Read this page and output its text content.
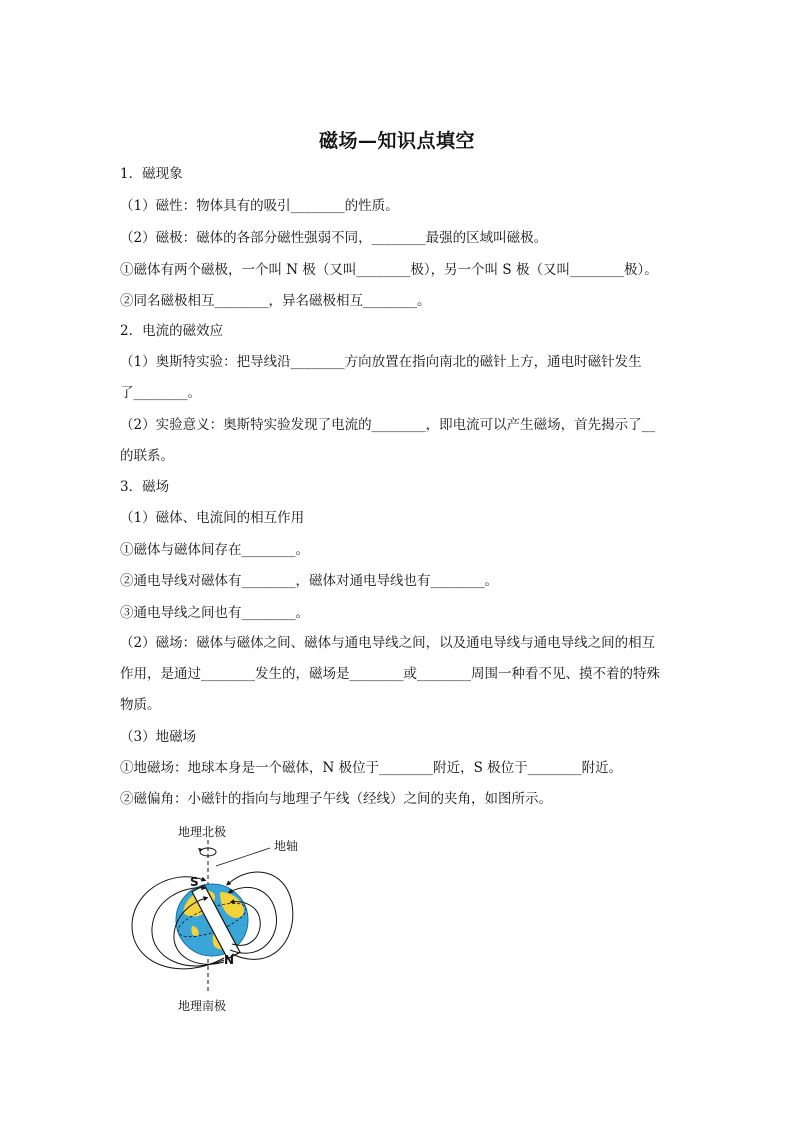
磁场—知识点填空
1．磁现象
（1）磁性：物体具有的吸引________的性质。
（2）磁极：磁体的各部分磁性强弱不同，________最强的区域叫磁极。
①磁体有两个磁极，一个叫 N 极（又叫________极），另一个叫 S 极（又叫________极）。
②同名磁极相互________，异名磁极相互________。
2．电流的磁效应
（1）奥斯特实验：把导线沿________方向放置在指向南北的磁针上方，通电时磁针发生
了________。
（2）实验意义：奥斯特实验发现了电流的________，即电流可以产生磁场，首先揭示了__
的联系。
3．磁场
（1）磁体、电流间的相互作用
①磁体与磁体间存在________。
②通电导线对磁体有________，磁体对通电导线也有________。
③通电导线之间也有________。
（2）磁场：磁体与磁体之间、磁体与通电导线之间，以及通电导线与通电导线之间的相互
作用，是通过________发生的，磁场是________或________周围一种看不见、摸不着的特殊
物质。
（3）地磁场
①地磁场：地球本身是一个磁体，N 极位于________附近，S 极位于________附近。
②磁偏角：小磁针的指向与地理子午线（经线）之间的夹角，如图所示。
地理北极
地轴
S
N
地理南极
